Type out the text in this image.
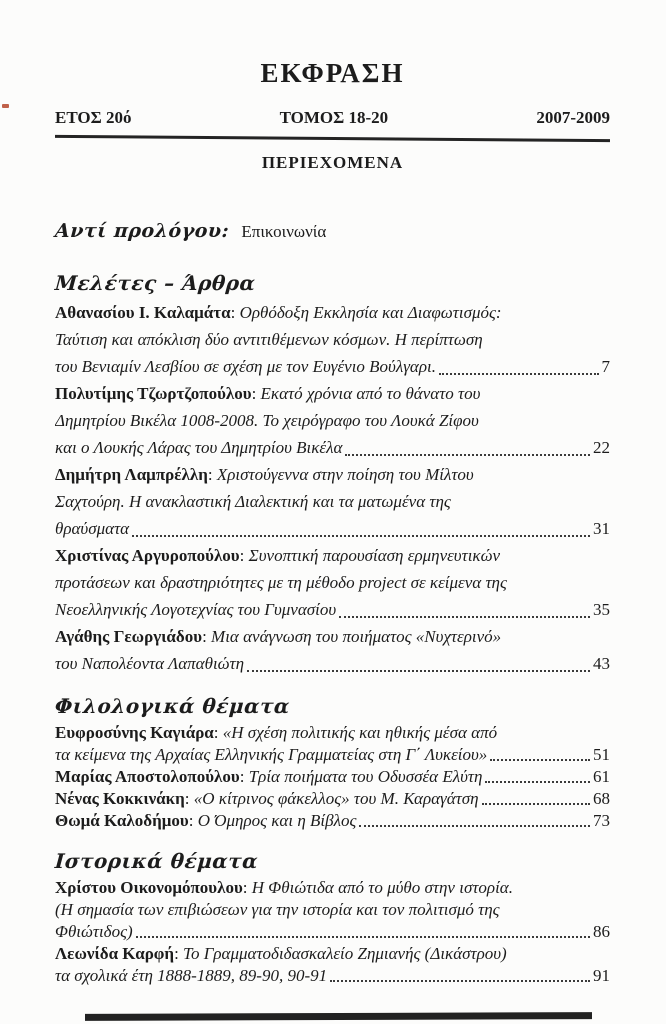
ΕΚΦΡΑΣΗ
ΕΤΟΣ 20ό	ΤΟΜΟΣ 18-20	2007-2009
ΠΕΡΙΕΧΟΜΕΝΑ
Αντί προλόγου: Επικοινωνία
Μελέτες – Άρθρα
Αθανασίου Ι. Καλαμάτα: Ορθόδοξη Εκκλησία και Διαφωτισμός:
Ταύτιση και απόκλιση δύο αντιτιθέμενων κόσμων. Η περίπτωση
του Βενιαμίν Λεσβίου σε σχέση με τον Ευγένιο Βούλγαρι.	7
Πολυτίμης Τζωρτζοπούλου: Εκατό χρόνια από το θάνατο του
Δημητρίου Βικέλα 1008-2008. Το χειρόγραφο του Λουκά Ζίφου
και ο Λουκής Λάρας του Δημητρίου Βικέλα	22
Δημήτρη Λαμπρέλλη: Χριστούγεννα στην ποίηση του Μίλτου
Σαχτούρη. Η ανακλαστική Διαλεκτική και τα ματωμένα της
θραύσματα	31
Χριστίνας Αργυροπούλου: Συνοπτική παρουσίαση ερμηνευτικών
προτάσεων και δραστηριότητες με τη μέθοδο project σε κείμενα της
Νεοελληνικής Λογοτεχνίας του Γυμνασίου	35
Αγάθης Γεωργιάδου: Μια ανάγνωση του ποιήματος «Νυχτερινό»
του Ναπολέοντα Λαπαθιώτη	43
Φιλολογικά θέματα
Ευφροσύνης Καγιάρα: «Η σχέση πολιτικής και ηθικής μέσα από
τα κείμενα της Αρχαίας Ελληνικής Γραμματείας στη Γ΄ Λυκείου»	51
Μαρίας Αποστολοπούλου : Τρία ποιήματα του Οδυσσέα Ελύτη	61
Νένας Κοκκινάκη : «Ο κίτρινος φάκελλος» του Μ. Καραγάτση	68
Θωμά Καλοδήμου : Ο Όμηρος και η Βίβλος	73
Ιστορικά θέματα
Χρίστου Οικονομόπουλου: Η Φθιώτιδα από το μύθο στην ιστορία.
(Η σημασία των επιβιώσεων για την ιστορία και τον πολιτισμό της
Φθιώτιδος)	86
Λεωνίδα Καρφή: Το Γραμματοδιδασκαλείο Ζημιανής (Δικάστρου)
τα σχολικά έτη 1888-1889, 89-90, 90-91	91
